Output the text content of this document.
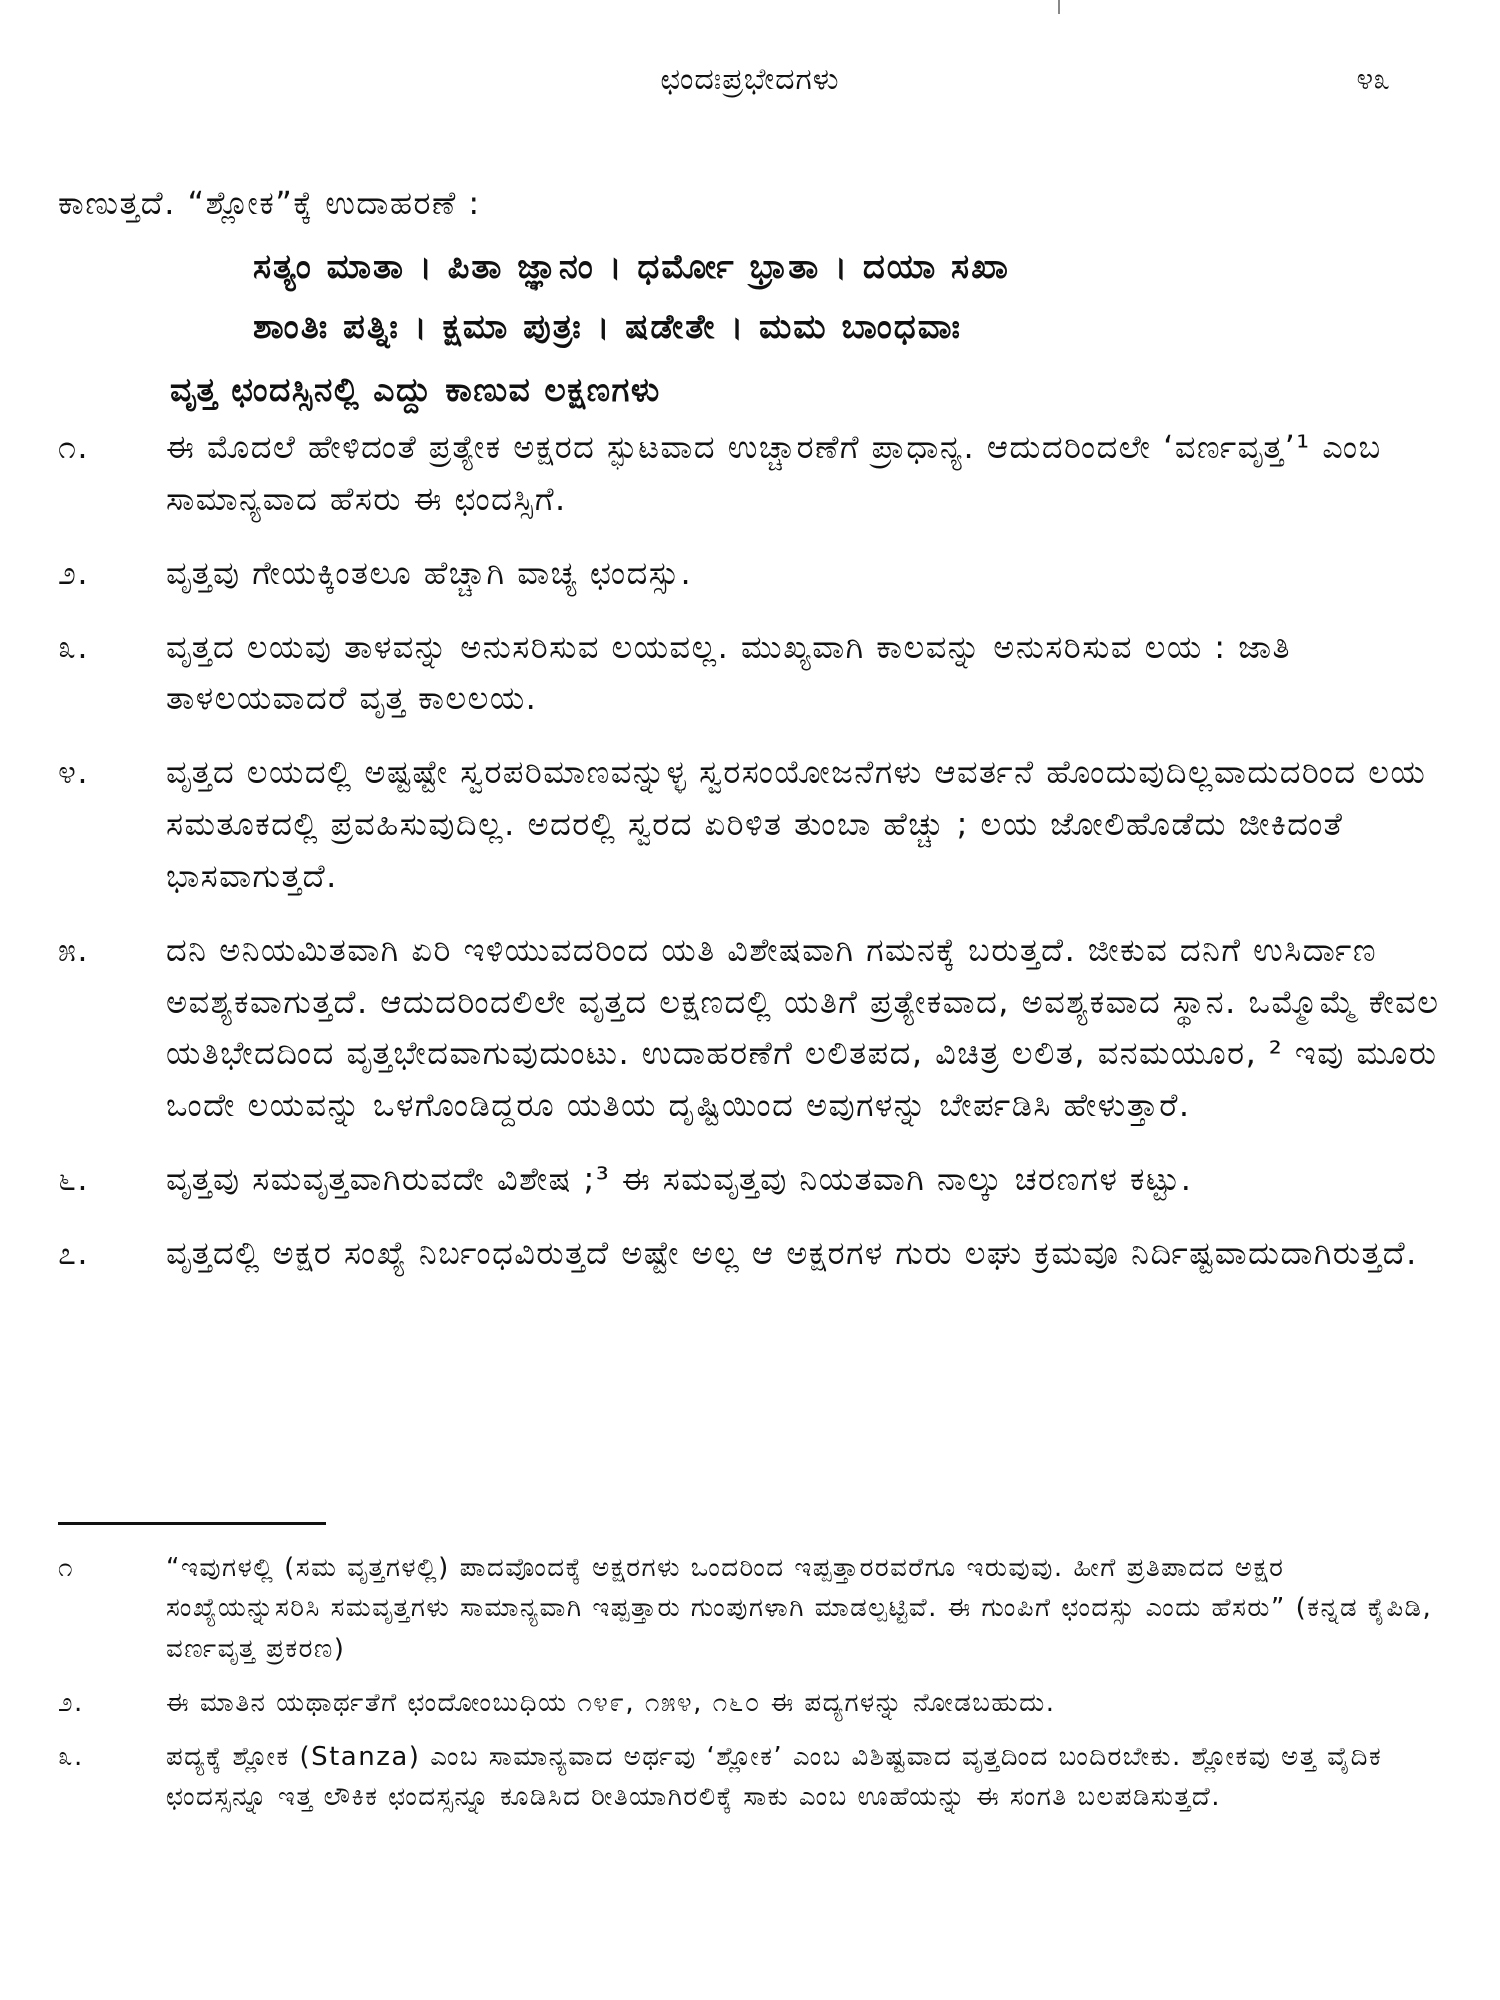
ಛಂದಃಪ್ರಭೇದಗಳು	೪೩

ಕಾಣುತ್ತದೆ. “ಶ್ಲೋಕ”ಕ್ಕೆ ಉದಾಹರಣೆ :

ಸತ್ಯಂ ಮಾತಾ । ಪಿತಾ ಜ್ಞಾನಂ । ಧರ್ಮೋ ಭ್ರಾತಾ । ದಯಾ ಸಖಾ
ಶಾಂತಿಃ ಪತ್ನಿಃ । ಕ್ಷಮಾ ಪುತ್ರಃ । ಷಡೇತೇ । ಮಮ ಬಾಂಧವಾಃ
ವೃತ್ತ ಛಂದಸ್ಸಿನಲ್ಲಿ ಎದ್ದು ಕಾಣುವ ಲಕ್ಷಣಗಳು
೧.	ಈ ಮೊದಲೆ ಹೇಳಿದಂತೆ ಪ್ರತ್ಯೇಕ ಅಕ್ಷರದ ಸ್ಫುಟವಾದ ಉಚ್ಚಾರಣೆಗೆ ಪ್ರಾಧಾನ್ಯ. ಆದುದರಿಂದಲೇ ‘ವರ್ಣವೃತ್ತ’¹ ಎಂಬ ಸಾಮಾನ್ಯವಾದ ಹೆಸರು ಈ ಛಂದಸ್ಸಿಗೆ.
೨.	ವೃತ್ತವು ಗೇಯಕ್ಕಿಂತಲೂ ಹೆಚ್ಚಾಗಿ ವಾಚ್ಯ ಛಂದಸ್ಸು.
೩.	ವೃತ್ತದ ಲಯವು ತಾಳವನ್ನು ಅನುಸರಿಸುವ ಲಯವಲ್ಲ. ಮುಖ್ಯವಾಗಿ ಕಾಲವನ್ನು ಅನುಸರಿಸುವ ಲಯ : ಜಾತಿ ತಾಳಲಯವಾದರೆ ವೃತ್ತ ಕಾಲಲಯ.
೪.	ವೃತ್ತದ ಲಯದಲ್ಲಿ ಅಷ್ಟಷ್ಟೇ ಸ್ವರಪರಿಮಾಣವನ್ನುಳ್ಳ ಸ್ವರಸಂಯೋಜನೆಗಳು ಆವರ್ತನೆ ಹೊಂದುವುದಿಲ್ಲವಾದುದರಿಂದ ಲಯ ಸಮತೂಕದಲ್ಲಿ ಪ್ರವಹಿಸುವುದಿಲ್ಲ. ಅದರಲ್ಲಿ ಸ್ವರದ ಏರಿಳಿತ ತುಂಬಾ ಹೆಚ್ಚು ; ಲಯ ಜೋಲಿಹೊಡೆದು ಜೀಕಿದಂತೆ ಭಾಸವಾಗುತ್ತದೆ.
೫.	ದನಿ ಅನಿಯಮಿತವಾಗಿ ಏರಿ ಇಳಿಯುವದರಿಂದ ಯತಿ ವಿಶೇಷವಾಗಿ ಗಮನಕ್ಕೆ ಬರುತ್ತದೆ. ಜೀಕುವ ದನಿಗೆ ಉಸಿರ್ದಾಣ ಅವಶ್ಯಕವಾಗುತ್ತದೆ. ಆದುದರಿಂದಲಿಲೇ ವೃತ್ತದ ಲಕ್ಷಣದಲ್ಲಿ ಯತಿಗೆ ಪ್ರತ್ಯೇಕವಾದ, ಅವಶ್ಯಕವಾದ ಸ್ಥಾನ. ಒಮ್ಮೊಮ್ಮೆ ಕೇವಲ ಯತಿಭೇದದಿಂದ ವೃತ್ತಭೇದವಾಗುವುದುಂಟು. ಉದಾಹರಣೆಗೆ ಲಲಿತಪದ, ವಿಚಿತ್ರ ಲಲಿತ, ವನಮಯೂರ, ² ಇವು ಮೂರು ಒಂದೇ ಲಯವನ್ನು ಒಳಗೊಂಡಿದ್ದರೂ ಯತಿಯ ದೃಷ್ಟಿಯಿಂದ ಅವುಗಳನ್ನು ಬೇರ್ಪಡಿಸಿ ಹೇಳುತ್ತಾರೆ.
೬.	ವೃತ್ತವು ಸಮವೃತ್ತವಾಗಿರುವದೇ ವಿಶೇಷ ;³ ಈ ಸಮವೃತ್ತವು ನಿಯತವಾಗಿ ನಾಲ್ಕು ಚರಣಗಳ ಕಟ್ಟು.
೭.	ವೃತ್ತದಲ್ಲಿ ಅಕ್ಷರ ಸಂಖ್ಯೆ ನಿರ್ಬಂಧವಿರುತ್ತದೆ ಅಷ್ಟೇ ಅಲ್ಲ ಆ ಅಕ್ಷರಗಳ ಗುರು ಲಘು ಕ್ರಮವೂ ನಿರ್ದಿಷ್ಟವಾದುದಾಗಿರುತ್ತದೆ.
೧	“ಇವುಗಳಲ್ಲಿ (ಸಮ ವೃತ್ತಗಳಲ್ಲಿ) ಪಾದವೊಂದಕ್ಕೆ ಅಕ್ಷರಗಳು ಒಂದರಿಂದ ಇಪ್ಪತ್ತಾರರವರೆಗೂ ಇರುವುವು. ಹೀಗೆ ಪ್ರತಿಪಾದದ ಅಕ್ಷರ ಸಂಖ್ಯೆಯನ್ನುಸರಿಸಿ ಸಮವೃತ್ತಗಳು ಸಾಮಾನ್ಯವಾಗಿ ಇಪ್ಪತ್ತಾರು ಗುಂಪುಗಳಾಗಿ ಮಾಡಲ್ಪಟ್ಟಿವೆ. ಈ ಗುಂಪಿಗೆ ಛಂದಸ್ಸು ಎಂದು ಹೆಸರು” (ಕನ್ನಡ ಕೈಪಿಡಿ, ವರ್ಣವೃತ್ತ ಪ್ರಕರಣ)
೨.	ಈ ಮಾತಿನ ಯಥಾರ್ಥತೆಗೆ ಛಂದೋಂಬುಧಿಯ ೧೪೯, ೧೫೪, ೧೬೦ ಈ ಪದ್ಯಗಳನ್ನು ನೋಡಬಹುದು.
೩.	ಪದ್ಯಕ್ಕೆ ಶ್ಲೋಕ (Stanza) ಎಂಬ ಸಾಮಾನ್ಯವಾದ ಅರ್ಥವು ‘ಶ್ಲೋಕ’ ಎಂಬ ವಿಶಿಷ್ಟವಾದ ವೃತ್ತದಿಂದ ಬಂದಿರಬೇಕು. ಶ್ಲೋಕವು ಅತ್ತ ವೈದಿಕ ಛಂದಸ್ಸನ್ನೂ ಇತ್ತ ಲೌಕಿಕ ಛಂದಸ್ಸನ್ನೂ ಕೂಡಿಸಿದ ರೀತಿಯಾಗಿರಲಿಕ್ಕೆ ಸಾಕು ಎಂಬ ಊಹೆಯನ್ನು ಈ ಸಂಗತಿ ಬಲಪಡಿಸುತ್ತದೆ.
